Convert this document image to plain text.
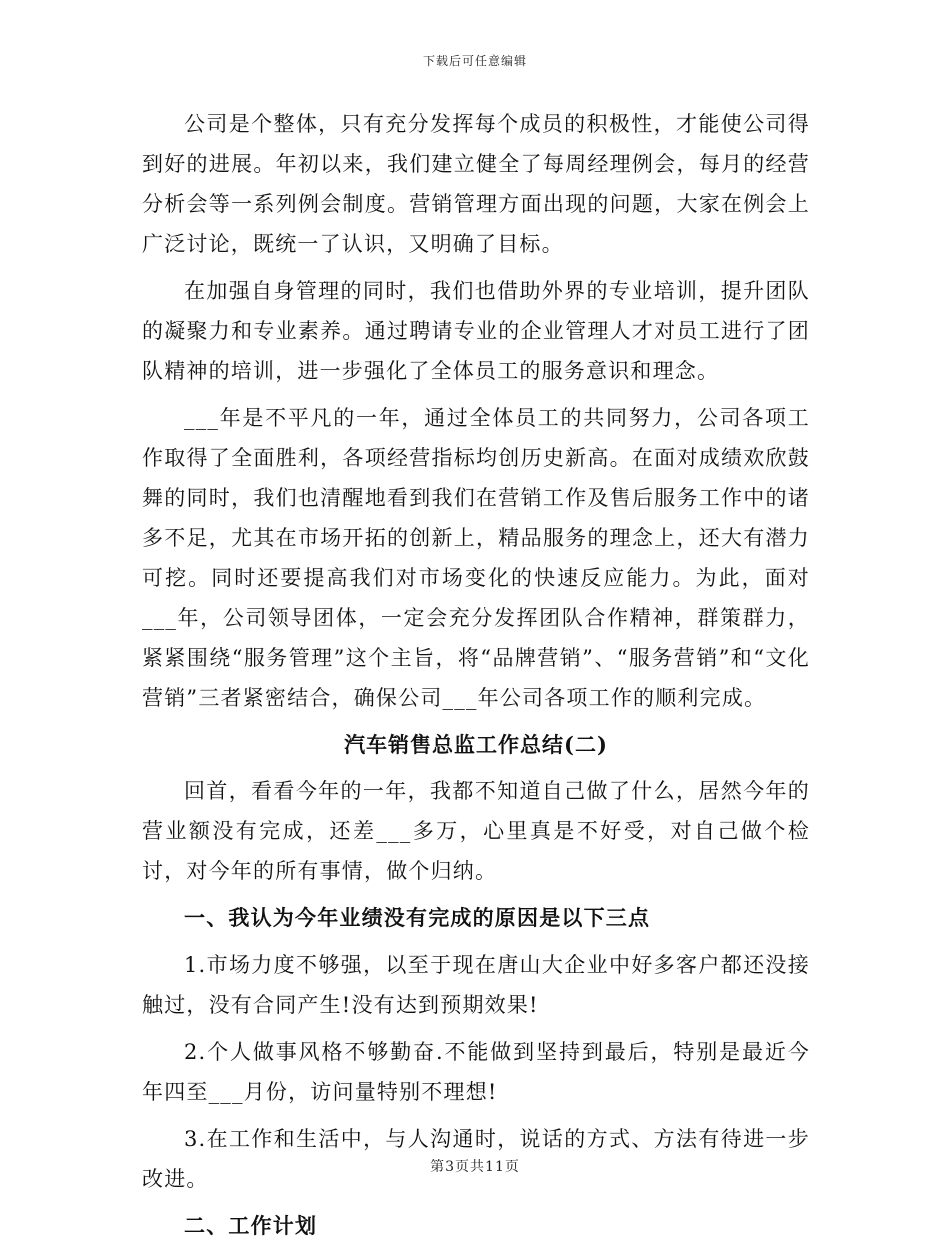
下载后可任意编辑

公司是个整体，只有充分发挥每个成员的积极性，才能使公司得到好的进展。年初以来，我们建立健全了每周经理例会，每月的经营分析会等一系列例会制度。营销管理方面出现的问题，大家在例会上广泛讨论，既统一了认识，又明确了目标。

在加强自身管理的同时，我们也借助外界的专业培训，提升团队的凝聚力和专业素养。通过聘请专业的企业管理人才对员工进行了团队精神的培训，进一步强化了全体员工的服务意识和理念。

___年是不平凡的一年，通过全体员工的共同努力，公司各项工作取得了全面胜利，各项经营指标均创历史新高。在面对成绩欢欣鼓舞的同时，我们也清醒地看到我们在营销工作及售后服务工作中的诸多不足，尤其在市场开拓的创新上，精品服务的理念上，还大有潜力可挖。同时还要提高我们对市场变化的快速反应能力。为此，面对___年，公司领导团体，一定会充分发挥团队合作精神，群策群力，紧紧围绕“服务管理”这个主旨，将“品牌营销”、“服务营销”和“文化营销”三者紧密结合，确保公司___年公司各项工作的顺利完成。

汽车销售总监工作总结(二)

回首，看看今年的一年，我都不知道自己做了什么，居然今年的营业额没有完成，还差___多万，心里真是不好受，对自己做个检讨，对今年的所有事情，做个归纳。

一、我认为今年业绩没有完成的原因是以下三点

1.市场力度不够强，以至于现在唐山大企业中好多客户都还没接触过，没有合同产生!没有达到预期效果!

2.个人做事风格不够勤奋.不能做到坚持到最后，特别是最近今年四至___月份，访问量特别不理想!

3.在工作和生活中，与人沟通时，说话的方式、方法有待进一步改进。

二、工作计划

第3页共11页
